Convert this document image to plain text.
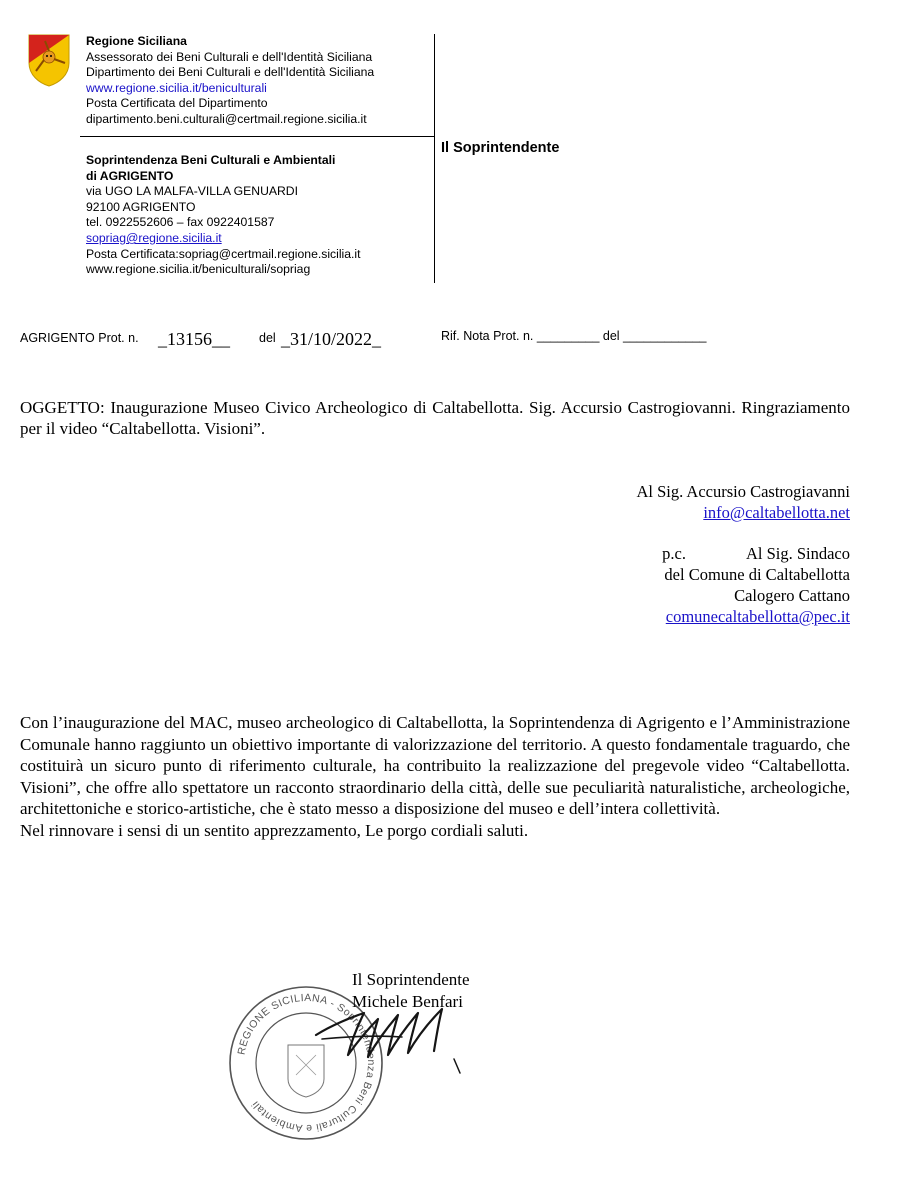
Regione Siciliana
Assessorato dei Beni Culturali e dell'Identità Siciliana
Dipartimento dei Beni Culturali e dell'Identità Siciliana
www.regione.sicilia.it/beniculturali
Posta Certificata del Dipartimento
dipartimento.beni.culturali@certmail.regione.sicilia.it
Soprintendenza Beni Culturali e Ambientali
di AGRIGENTO
via UGO LA MALFA-VILLA GENUARDI
92100 AGRIGENTO
tel. 0922552606 – fax 0922401587
sopriag@regione.sicilia.it
Posta Certificata:sopriag@certmail.regione.sicilia.it
www.regione.sicilia.it/beniculturali/sopriag
Il Soprintendente
AGRIGENTO Prot. n. _13156__ del _31/10/2022_	Rif. Nota Prot. n. _________ del ____________
OGGETTO: Inaugurazione Museo Civico Archeologico di Caltabellotta. Sig. Accursio Castrogiovanni. Ringraziamento per il video “Caltabellotta. Visioni”.
Al Sig. Accursio Castrogiavanni
info@caltabellotta.net
p.c.	Al Sig. Sindaco
del Comune di Caltabellotta
Calogero Cattano
comunecaltabellotta@pec.it

Con l’inaugurazione del MAC, museo archeologico di Caltabellotta, la Soprintendenza di Agrigento e l’Amministrazione Comunale hanno raggiunto un obiettivo importante di valorizzazione del territorio. A questo fondamentale traguardo, che costituirà un sicuro punto di riferimento culturale, ha contribuito la realizzazione del pregevole video “Caltabellotta. Visioni”, che offre allo spettatore un racconto straordinario della città, delle sue peculiarità naturalistiche, archeologiche, architettoniche e storico-artistiche, che è stato messo a disposizione del museo e dell’intera collettività.

Nel rinnovare i sensi di un sentito apprezzamento, Le porgo cordiali saluti.

REGIONE SICILIANA - Soprintendenza Beni Culturali e Ambientali
Il Soprintendente
Michele Benfari
